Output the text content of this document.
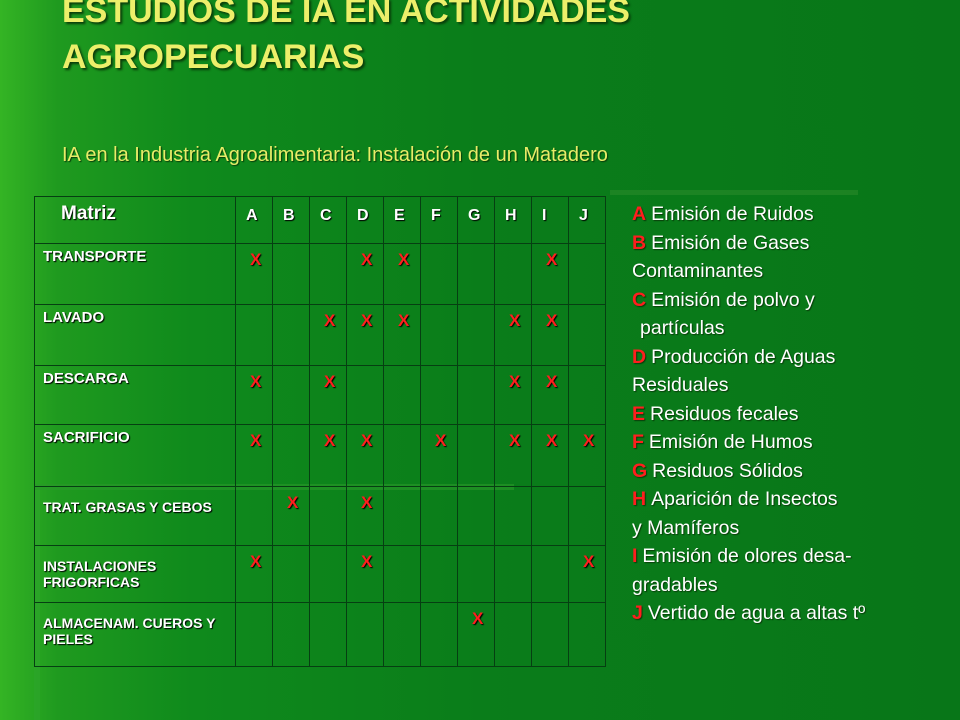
ESTUDIOS DE IA EN ACTIVIDADES
AGROPECUARIAS
IA en la Industria Agroalimentaria: Instalación de un Matadero
Matriz	A	B	C	D	E	F	G	H	I	J
TRANSPORTE	X			X	X				X	

LAVADO			X	X	X			X	X	

DESCARGA	X		X					X	X	

SACRIFICIO	X		X	X		X		X	X	X

TRAT. GRASAS Y CEBOS		X		X						

INSTALACIONES FRIGORFICAS	X			X						X

ALMACENAM. CUEROS Y PIELES							X			

A Emisión de Ruidos
B Emisión de Gases
Contaminantes
C Emisión de polvo y
partículas
D Producción de Aguas
Residuales
E Residuos fecales
F Emisión de Humos
G Residuos Sólidos
H Aparición de Insectos
y Mamíferos
I Emisión de olores desa-
gradables
J Vertido de agua a altas tº
